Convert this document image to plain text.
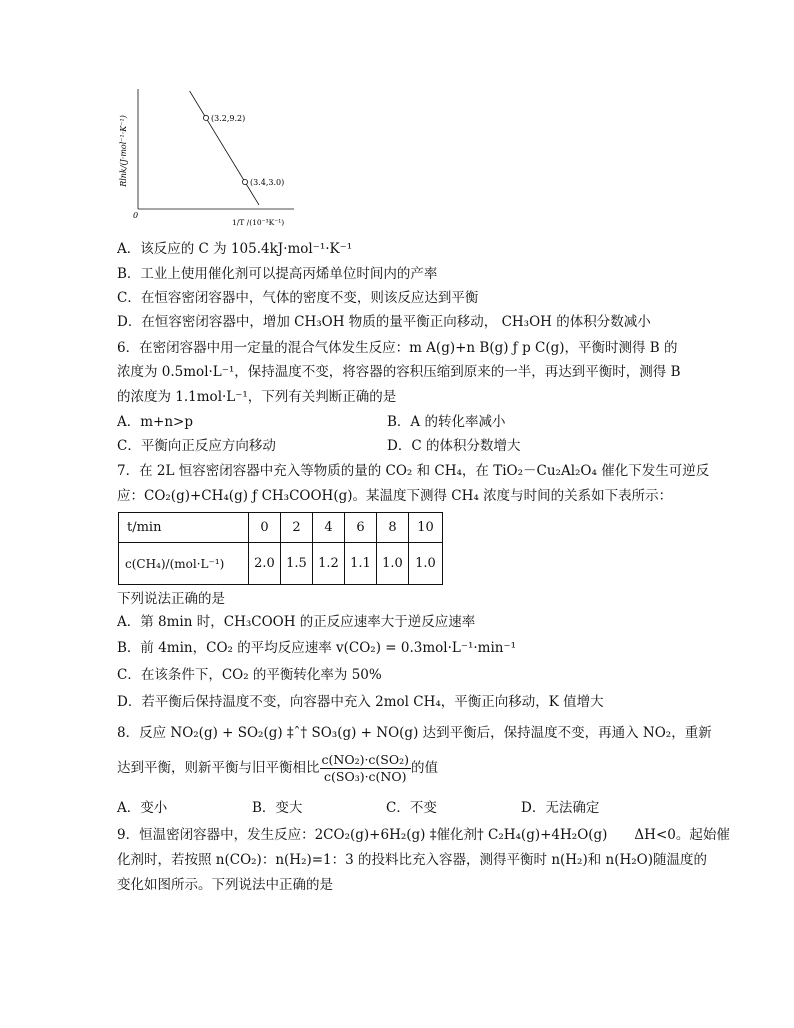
(3.2,9.2)
(3.4,3.0)
Rlnk/(J·mol⁻¹·K⁻¹)
0
1/T /(10⁻³K⁻¹)
A．该反应的 C 为 105.4kJ·mol⁻¹·K⁻¹
B．工业上使用催化剂可以提高丙烯单位时间内的产率
C．在恒容密闭容器中，气体的密度不变，则该反应达到平衡
D．在恒容密闭容器中，增加 CH₃OH 物质的量平衡正向移动， CH₃OH 的体积分数减小
6．在密闭容器中用一定量的混合气体发生反应：m A(g)+n B(g) ƒ p C(g)，平衡时测得 B 的
浓度为 0.5mol·L⁻¹，保持温度不变，将容器的容积压缩到原来的一半，再达到平衡时，测得 B
的浓度为 1.1mol·L⁻¹，下列有关判断正确的是
A．m+n>p	B．A 的转化率减小
C．平衡向正反应方向移动	D．C 的体积分数增大
7．在 2L 恒容密闭容器中充入等物质的量的 CO₂ 和 CH₄，在 TiO₂－Cu₂Al₂O₄ 催化下发生可逆反
应：CO₂(g)+CH₄(g) ƒ CH₃COOH(g)。某温度下测得 CH₄ 浓度与时间的关系如下表所示：
t/min	0	2	4	6	8	10
c(CH₄)/(mol·L⁻¹)	2.0	1.5	1.2	1.1	1.0	1.0
下列说法正确的是
A．第 8min 时，CH₃COOH 的正反应速率大于逆反应速率
B．前 4min，CO₂ 的平均反应速率 v(CO₂) = 0.3mol·L⁻¹·min⁻¹
C．在该条件下，CO₂ 的平衡转化率为 50%
D．若平衡后保持温度不变，向容器中充入 2mol CH₄，平衡正向移动，K 值增大
8．反应 NO₂(g) + SO₂(g) ‡ˆ† SO₃(g) + NO(g) 达到平衡后，保持温度不变，再通入 NO₂，重新
达到平衡，则新平衡与旧平衡相比 $\frac{\text{c(NO₂)·c(SO₂)}}{\text{c(SO₃)·c(NO)}}$ 的值
A．变小	B．变大	C．不变	D．无法确定
9．恒温密闭容器中，发生反应：2CO₂(g)+6H₂(g) ‡催化剂† C₂H₄(g)+4H₂O(g)　　ΔH<0。起始催
化剂时，若按照 n(CO₂)：n(H₂)=1：3 的投料比充入容器，测得平衡时 n(H₂)和 n(H₂O)随温度的
变化如图所示。下列说法中正确的是
